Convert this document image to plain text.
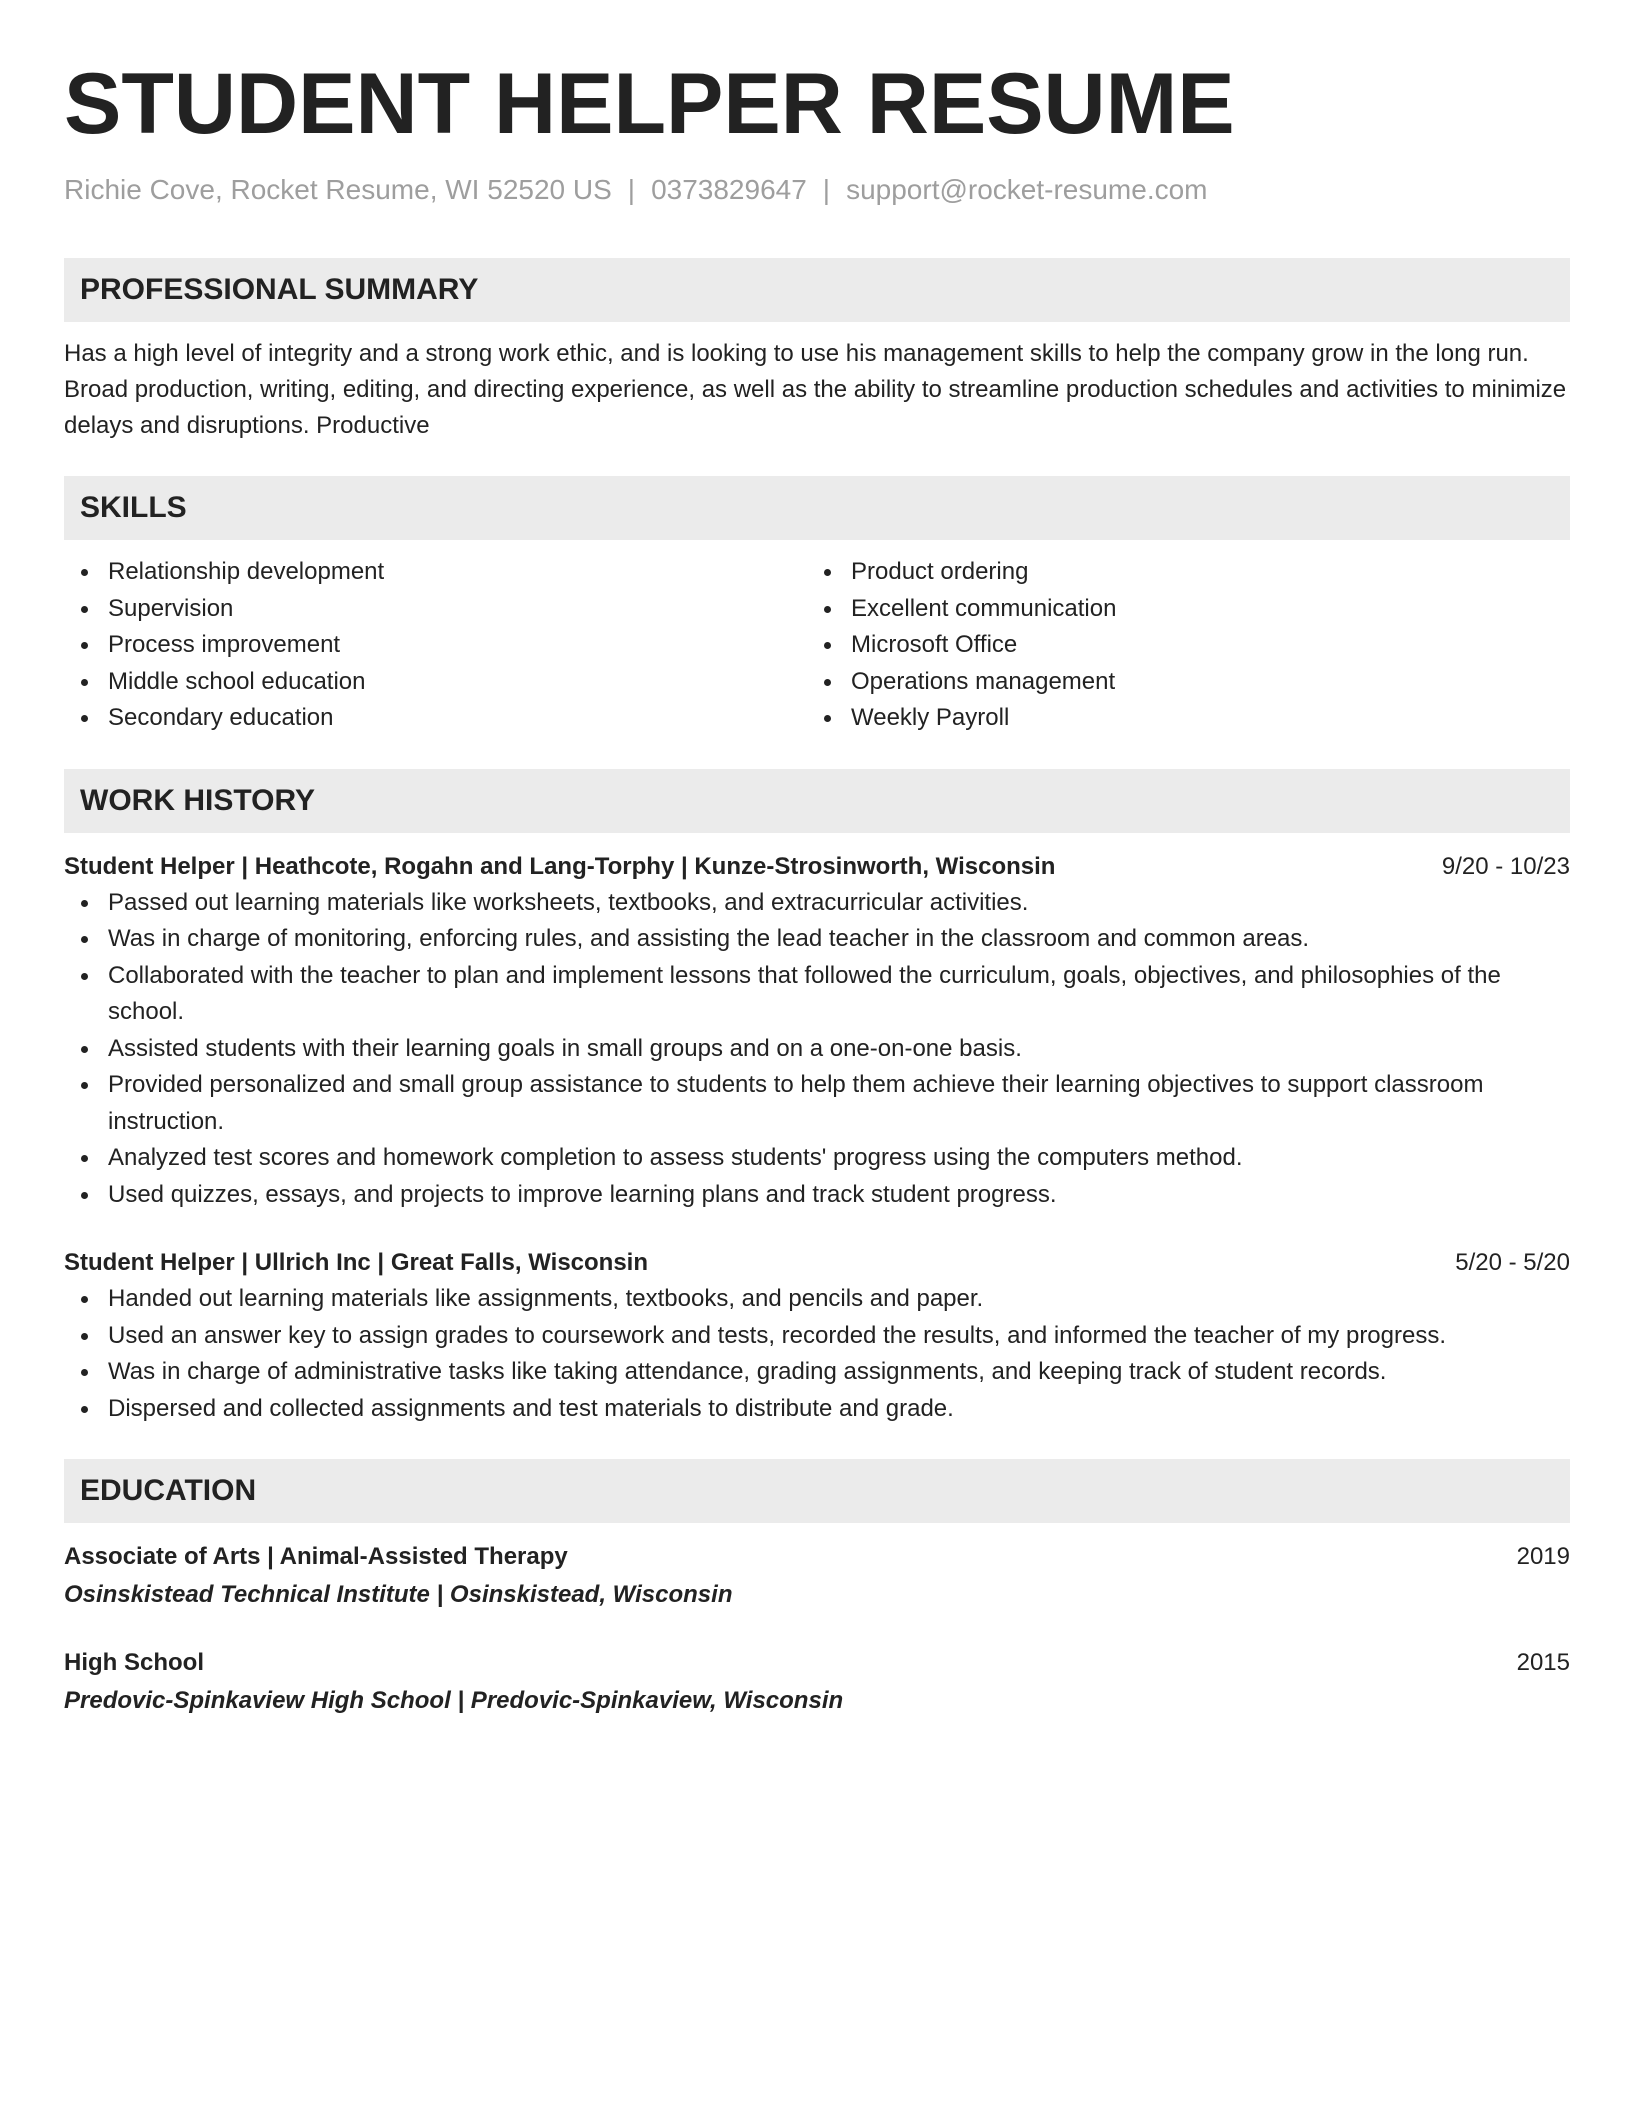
STUDENT HELPER RESUME
Richie Cove, Rocket Resume, WI 52520 US | 0373829647 | support@rocket-resume.com
PROFESSIONAL SUMMARY
Has a high level of integrity and a strong work ethic, and is looking to use his management skills to help the company grow in the long run. Broad production, writing, editing, and directing experience, as well as the ability to streamline production schedules and activities to minimize delays and disruptions. Productive
SKILLS
Relationship development
Supervision
Process improvement
Middle school education
Secondary education
Product ordering
Excellent communication
Microsoft Office
Operations management
Weekly Payroll
WORK HISTORY
Student Helper | Heathcote, Rogahn and Lang-Torphy | Kunze-Strosinworth, Wisconsin	9/20 - 10/23
Passed out learning materials like worksheets, textbooks, and extracurricular activities.
Was in charge of monitoring, enforcing rules, and assisting the lead teacher in the classroom and common areas.
Collaborated with the teacher to plan and implement lessons that followed the curriculum, goals, objectives, and philosophies of the school.
Assisted students with their learning goals in small groups and on a one-on-one basis.
Provided personalized and small group assistance to students to help them achieve their learning objectives to support classroom instruction.
Analyzed test scores and homework completion to assess students' progress using the computers method.
Used quizzes, essays, and projects to improve learning plans and track student progress.
Student Helper | Ullrich Inc | Great Falls, Wisconsin	5/20 - 5/20
Handed out learning materials like assignments, textbooks, and pencils and paper.
Used an answer key to assign grades to coursework and tests, recorded the results, and informed the teacher of my progress.
Was in charge of administrative tasks like taking attendance, grading assignments, and keeping track of student records.
Dispersed and collected assignments and test materials to distribute and grade.
EDUCATION
Associate of Arts | Animal-Assisted Therapy	2019
Osinskistead Technical Institute | Osinskistead, Wisconsin
High School	2015
Predovic-Spinkaview High School | Predovic-Spinkaview, Wisconsin
